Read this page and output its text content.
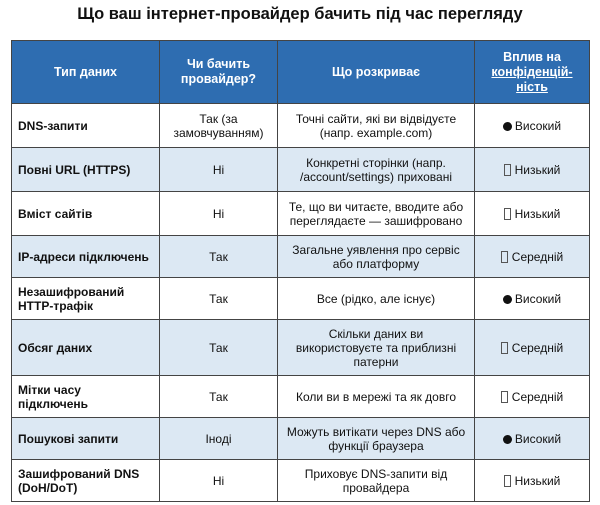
Що ваш інтернет-провайдер бачить під час перегляду
Тип даних	Чи бачить провайдер?	Що розкриває	Вплив на
конфіденцій-
ність
DNS-запити	Так (за замовчуванням)	Точні сайти, які ви відвідуєте (напр. example.com)	Високий
Повні URL (HTTPS)	Ні	Конкретні сторінки (напр. /account/settings) приховані	Низький
Вміст сайтів	Ні	Те, що ви читаєте, вводите або переглядаєте — зашифровано	Низький
IP-адреси підключень	Так	Загальне уявлення про сервіс або платформу	Середній
Незашифрований HTTP-трафік	Так	Все (рідко, але існує)	Високий
Обсяг даних	Так	Скільки даних ви використовуєте та приблизні патерни	Середній
Мітки часу підключень	Так	Коли ви в мережі та як довго	Середній
Пошукові запити	Іноді	Можуть витікати через DNS або функції браузера	Високий
Зашифрований DNS (DoH/DoT)	Ні	Приховує DNS-запити від провайдера	Низький
